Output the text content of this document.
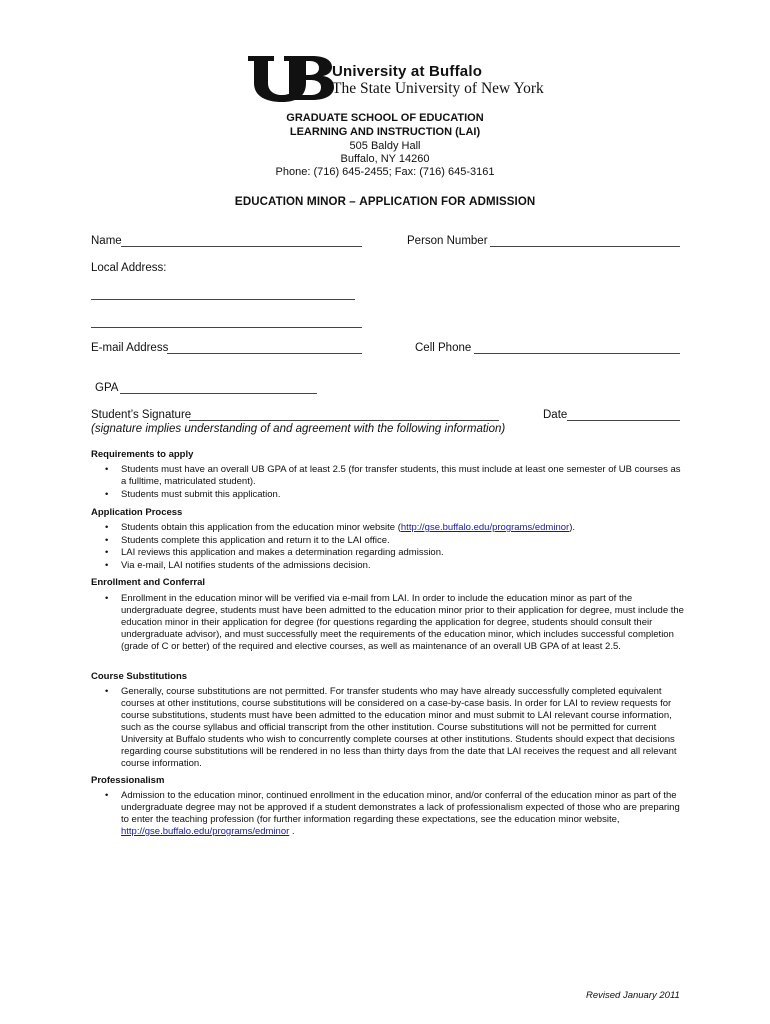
University at Buffalo
The State University of New York
GRADUATE SCHOOL OF EDUCATION
LEARNING AND INSTRUCTION (LAI)
505 Baldy Hall
Buffalo, NY 14260
Phone: (716) 645-2455; Fax: (716) 645-3161
EDUCATION MINOR – APPLICATION FOR ADMISSION
Name	Person Number
Local Address:
E-mail Address	Cell Phone
GPA
Student’s Signature	Date
(signature implies understanding of and agreement with the following information)
Requirements to apply
• Students must have an overall UB GPA of at least 2.5 (for transfer students, this must include at least one semester of UB courses as a fulltime, matriculated student).
• Students must submit this application.
Application Process
• Students obtain this application from the education minor website (http://gse.buffalo.edu/programs/edminor).
• Students complete this application and return it to the LAI office.
• LAI reviews this application and makes a determination regarding admission.
• Via e-mail, LAI notifies students of the admissions decision.
Enrollment and Conferral
• Enrollment in the education minor will be verified via e-mail from LAI. In order to include the education minor as part of the undergraduate degree, students must have been admitted to the education minor prior to their application for degree, must include the education minor in their application for degree (for questions regarding the application for degree, students should consult their undergraduate advisor), and must successfully meet the requirements of the education minor, which includes successful completion (grade of C or better) of the required and elective courses, as well as maintenance of an overall UB GPA of at least 2.5.
Course Substitutions
• Generally, course substitutions are not permitted. For transfer students who may have already successfully completed equivalent courses at other institutions, course substitutions will be considered on a case-by-case basis. In order for LAI to review requests for course substitutions, students must have been admitted to the education minor and must submit to LAI relevant course information, such as the course syllabus and official transcript from the other institution. Course substitutions will not be permitted for current University at Buffalo students who wish to concurrently complete courses at other institutions. Students should expect that decisions regarding course substitutions will be rendered in no less than thirty days from the date that LAI receives the request and all relevant course information.
Professionalism
• Admission to the education minor, continued enrollment in the education minor, and/or conferral of the education minor as part of the undergraduate degree may not be approved if a student demonstrates a lack of professionalism expected of those who are preparing to enter the teaching profession (for further information regarding these expectations, see the education minor website, http://gse.buffalo.edu/programs/edminor .
Revised January 2011
